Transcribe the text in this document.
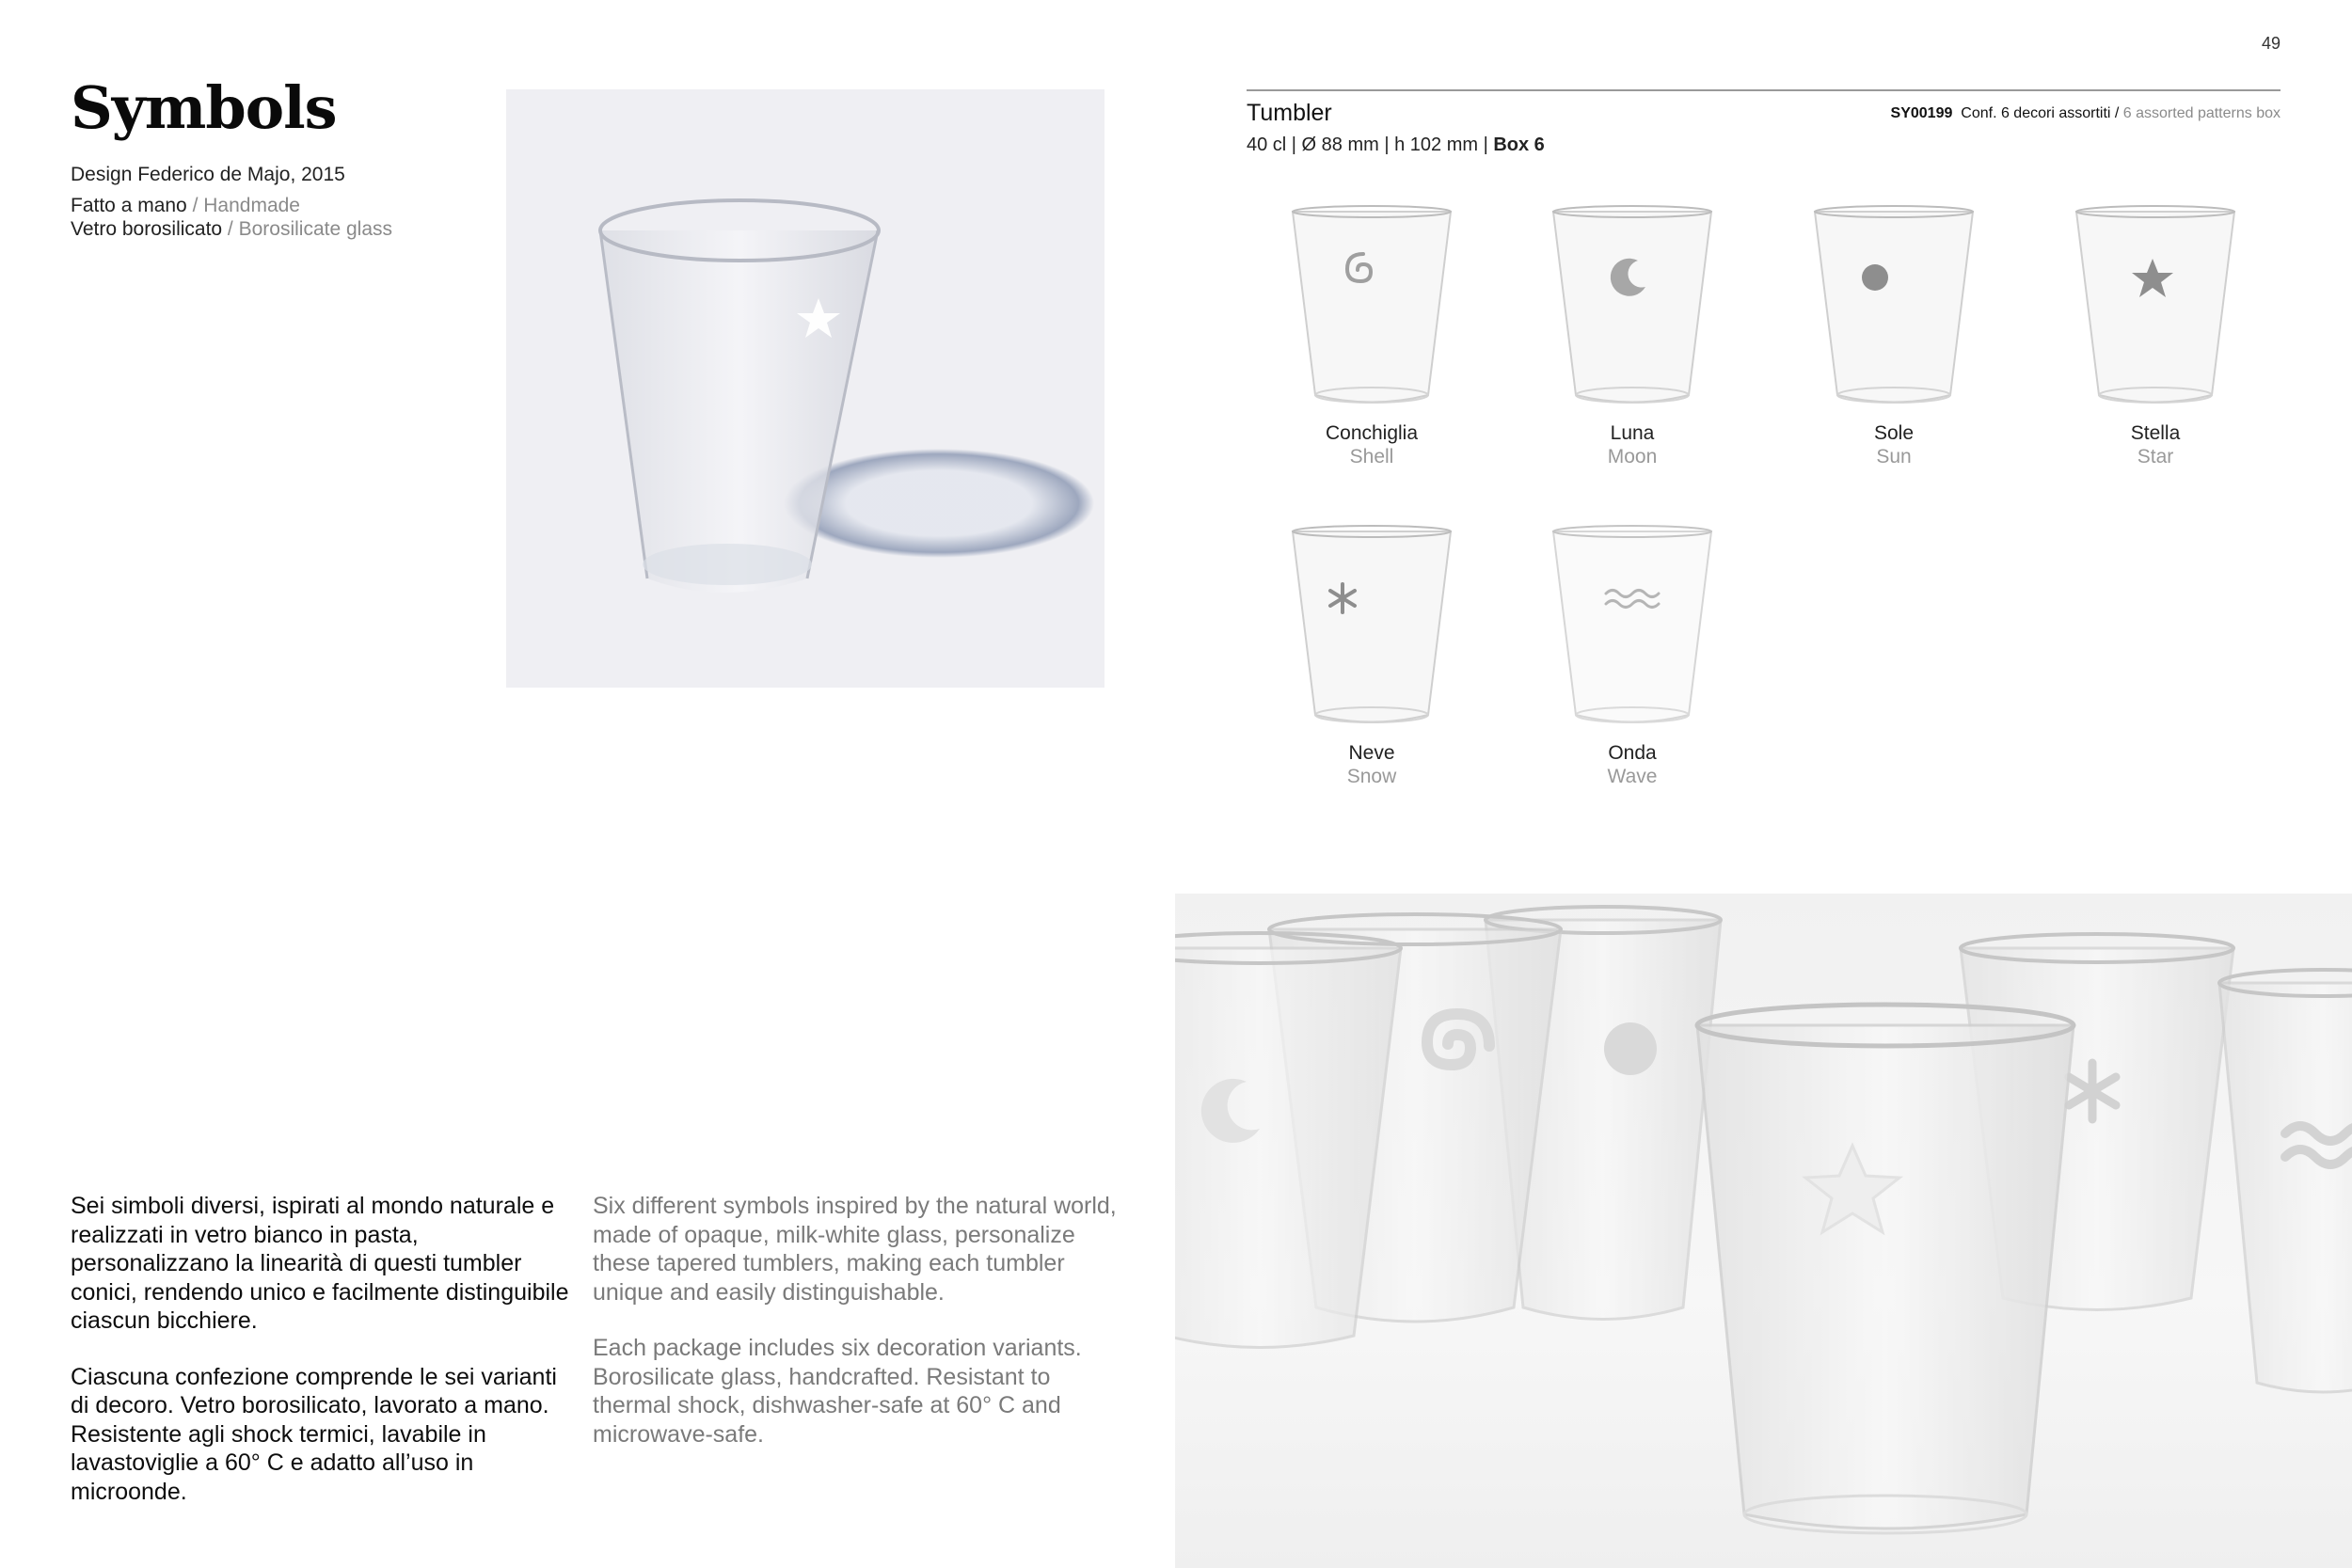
49
Symbols
Design Federico de Majo, 2015
Fatto a mano / Handmade
Vetro borosilicato / Borosilicate glass
Tumbler
40 cl | Ø 88 mm | h 102 mm | Box 6
SY00199 Conf. 6 decori assortiti / 6 assorted patterns box
Conchiglia
Shell
Luna
Moon
Sole
Sun
Stella
Star
Neve
Snow
Onda
Wave

Sei simboli diversi, ispirati al mondo naturale e realizzati in vetro bianco in pasta, personalizzano la linearità di questi tumbler conici, rendendo unico e facilmente distinguibile ciascun bicchiere.

Ciascuna confezione comprende le sei varianti di decoro. Vetro borosilicato, lavorato a mano. Resistente agli shock termici, lavabile in lavastoviglie a 60° C e adatto all’uso in microonde.

Six different symbols inspired by the natural world, made of opaque, milk-white glass, personalize these tapered tumblers, making each tumbler unique and easily distinguishable.

Each package includes six decoration variants. Borosilicate glass, handcrafted. Resistant to thermal shock, dishwasher-safe at 60° C and microwave-safe.
